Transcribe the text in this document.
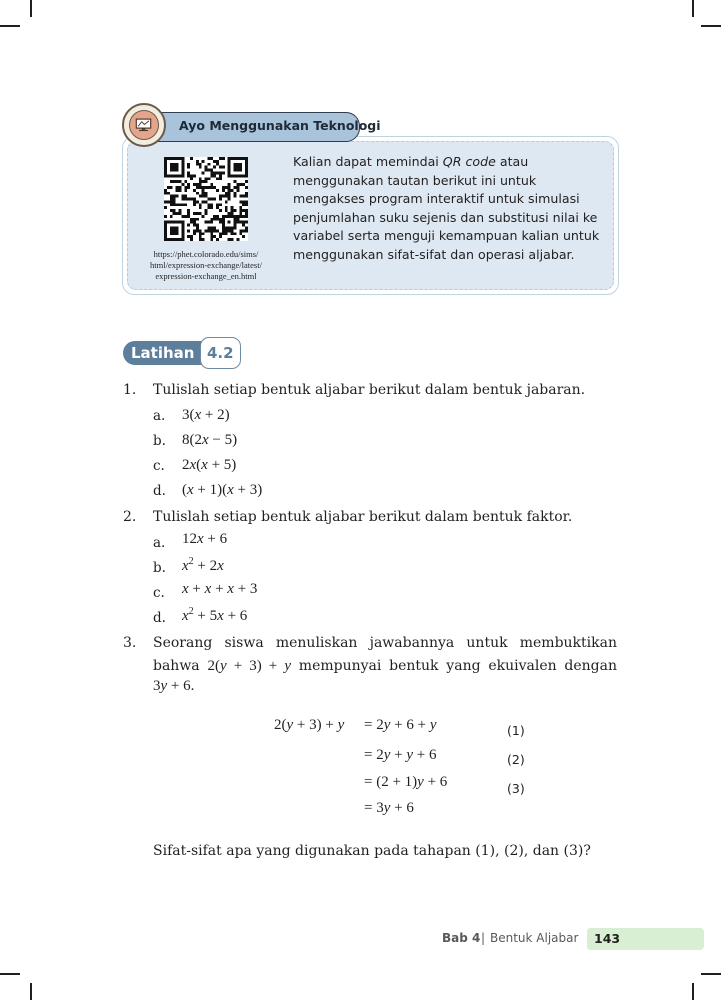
Ayo Menggunakan Teknologi
https://phet.colorado.edu/sims/
html/expression-exchange/latest/
expression-exchange_en.html
Kalian dapat memindai QR code atau menggunakan tautan berikut ini untuk mengakses program interaktif untuk simulasi penjumlahan suku sejenis dan substitusi nilai ke variabel serta menguji kemampuan kalian untuk menggunakan sifat-sifat dan operasi aljabar.
Latihan 4.2
1. Tulislah setiap bentuk aljabar berikut dalam bentuk jabaran.
a. 3(x + 2)
b. 8(2x − 5)
c. 2x(x + 5)
d. (x + 1)(x + 3)
2. Tulislah setiap bentuk aljabar berikut dalam bentuk faktor.
a. 12x + 6
b. $x^2 + 2x$
c. x + x + x + 3
d. $x^2 + 5x + 6$
3. Seorang siswa menuliskan jawabannya untuk membuktikan
bahwa 2(y + 3) + y mempunyai bentuk yang ekuivalen dengan
3y + 6.
2(y + 3) + y = 2y + 6 + y	(1)
= 2y + y + 6	(2)
= (2 + 1)y + 6	(3)
= 3y + 6
Sifat-sifat apa yang digunakan pada tahapan (1), (2), dan (3)?
Bab 4 | Bentuk Aljabar 143
